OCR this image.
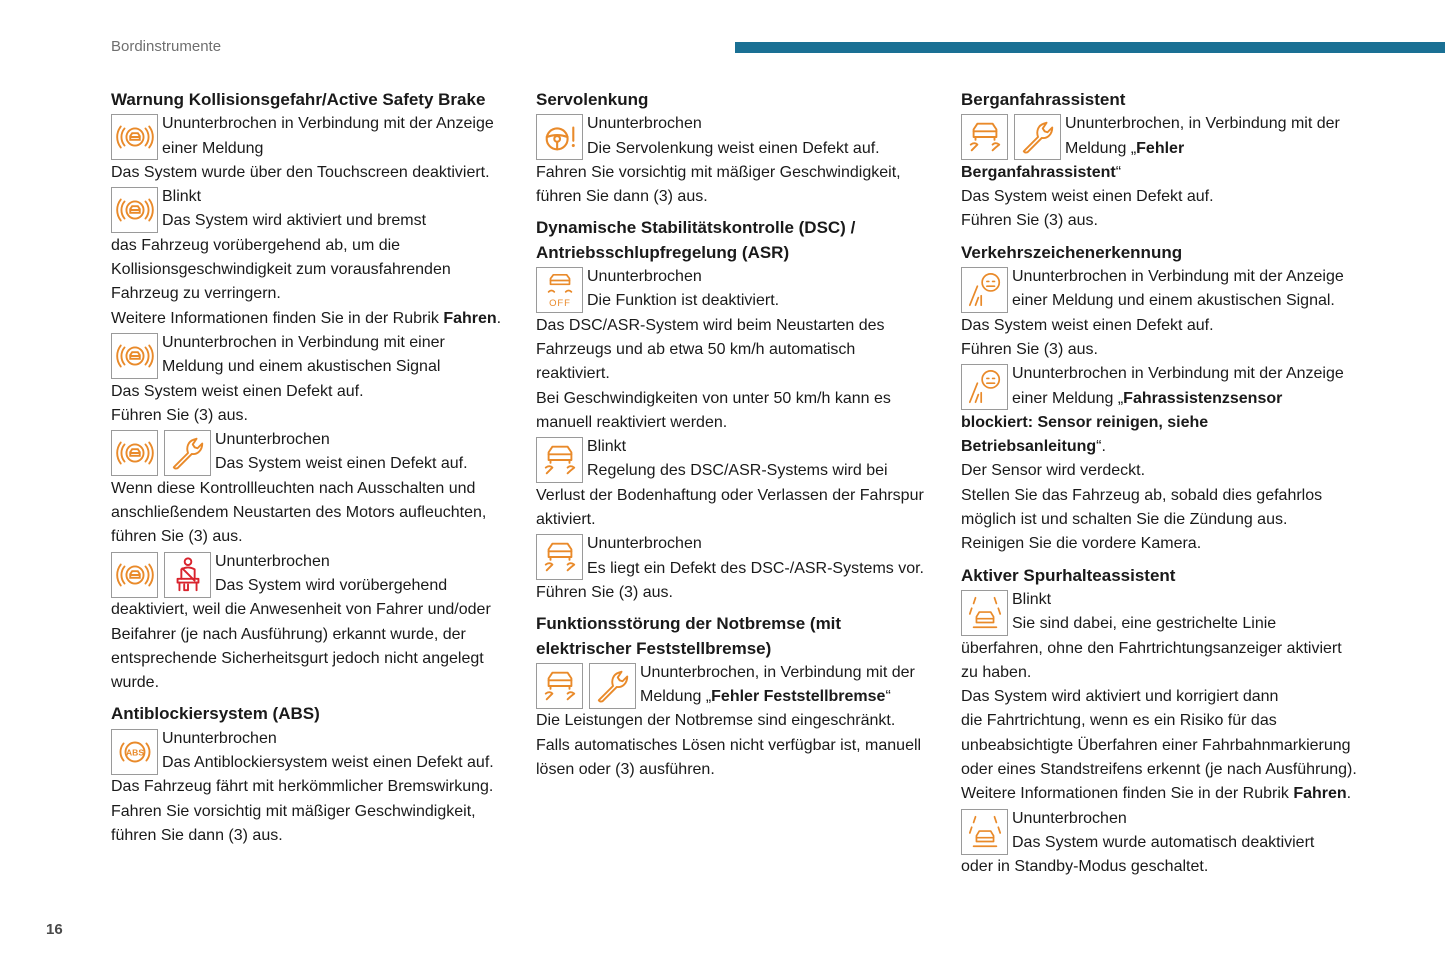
Bordinstrumente
16
Warnung Kollisionsgefahr/Active Safety Brake
Ununterbrochen in Verbindung mit der Anzeige
einer Meldung

Das System wurde über den Touchscreen deaktiviert.

Blinkt
Das System wird aktiviert und bremst

das Fahrzeug vorübergehend ab, um die

Kollisionsgeschwindigkeit zum vorausfahrenden

Fahrzeug zu verringern.

Weitere Informationen finden Sie in der Rubrik Fahren.

Ununterbrochen in Verbindung mit einer
Meldung und einem akustischen Signal

Das System weist einen Defekt auf.

Führen Sie (3) aus.

Ununterbrochen
Das System weist einen Defekt auf.

Wenn diese Kontrollleuchten nach Ausschalten und

anschließendem Neustarten des Motors aufleuchten,

führen Sie (3) aus.

Ununterbrochen
Das System wird vorübergehend

deaktiviert, weil die Anwesenheit von Fahrer und/oder

Beifahrer (je nach Ausführung) erkannt wurde, der

entsprechende Sicherheitsgurt jedoch nicht angelegt

wurde.

Antiblockiersystem (ABS)
ABS
Ununterbrochen
Das Antiblockiersystem weist einen Defekt auf.

Das Fahrzeug fährt mit herkömmlicher Bremswirkung.

Fahren Sie vorsichtig mit mäßiger Geschwindigkeit,

führen Sie dann (3) aus.

Servolenkung
Ununterbrochen
Die Servolenkung weist einen Defekt auf.

Fahren Sie vorsichtig mit mäßiger Geschwindigkeit,

führen Sie dann (3) aus.

Dynamische Stabilitätskontrolle (DSC) /
Antriebsschlupfregelung (ASR)
OFF
Ununterbrochen
Die Funktion ist deaktiviert.

Das DSC/ASR-System wird beim Neustarten des

Fahrzeugs und ab etwa 50 km/h automatisch

reaktiviert.

Bei Geschwindigkeiten von unter 50 km/h kann es

manuell reaktiviert werden.

Blinkt
Regelung des DSC/ASR-Systems wird bei

Verlust der Bodenhaftung oder Verlassen der Fahrspur

aktiviert.

Ununterbrochen
Es liegt ein Defekt des DSC-/ASR-Systems vor.

Führen Sie (3) aus.

Funktionsstörung der Notbremse (mit
elektrischer Feststellbremse)
Ununterbrochen, in Verbindung mit der
Meldung „Fehler Feststellbremse“

Die Leistungen der Notbremse sind eingeschränkt.

Falls automatisches Lösen nicht verfügbar ist, manuell

lösen oder (3) ausführen.

Berganfahrassistent
Ununterbrochen, in Verbindung mit der
Meldung „Fehler

Berganfahrassistent“

Das System weist einen Defekt auf.

Führen Sie (3) aus.

Verkehrszeichenerkennung
Ununterbrochen in Verbindung mit der Anzeige
einer Meldung und einem akustischen Signal.

Das System weist einen Defekt auf.

Führen Sie (3) aus.

Ununterbrochen in Verbindung mit der Anzeige
einer Meldung „Fahrassistenzsensor

blockiert: Sensor reinigen, siehe

Betriebsanleitung“.

Der Sensor wird verdeckt.

Stellen Sie das Fahrzeug ab, sobald dies gefahrlos

möglich ist und schalten Sie die Zündung aus.

Reinigen Sie die vordere Kamera.

Aktiver Spurhalteassistent
Blinkt
Sie sind dabei, eine gestrichelte Linie

überfahren, ohne den Fahrtrichtungsanzeiger aktiviert

zu haben.

Das System wird aktiviert und korrigiert dann

die Fahrtrichtung, wenn es ein Risiko für das

unbeabsichtigte Überfahren einer Fahrbahnmarkierung

oder eines Standstreifens erkennt (je nach Ausführung).

Weitere Informationen finden Sie in der Rubrik Fahren.

Ununterbrochen
Das System wurde automatisch deaktiviert

oder in Standby-Modus geschaltet.
